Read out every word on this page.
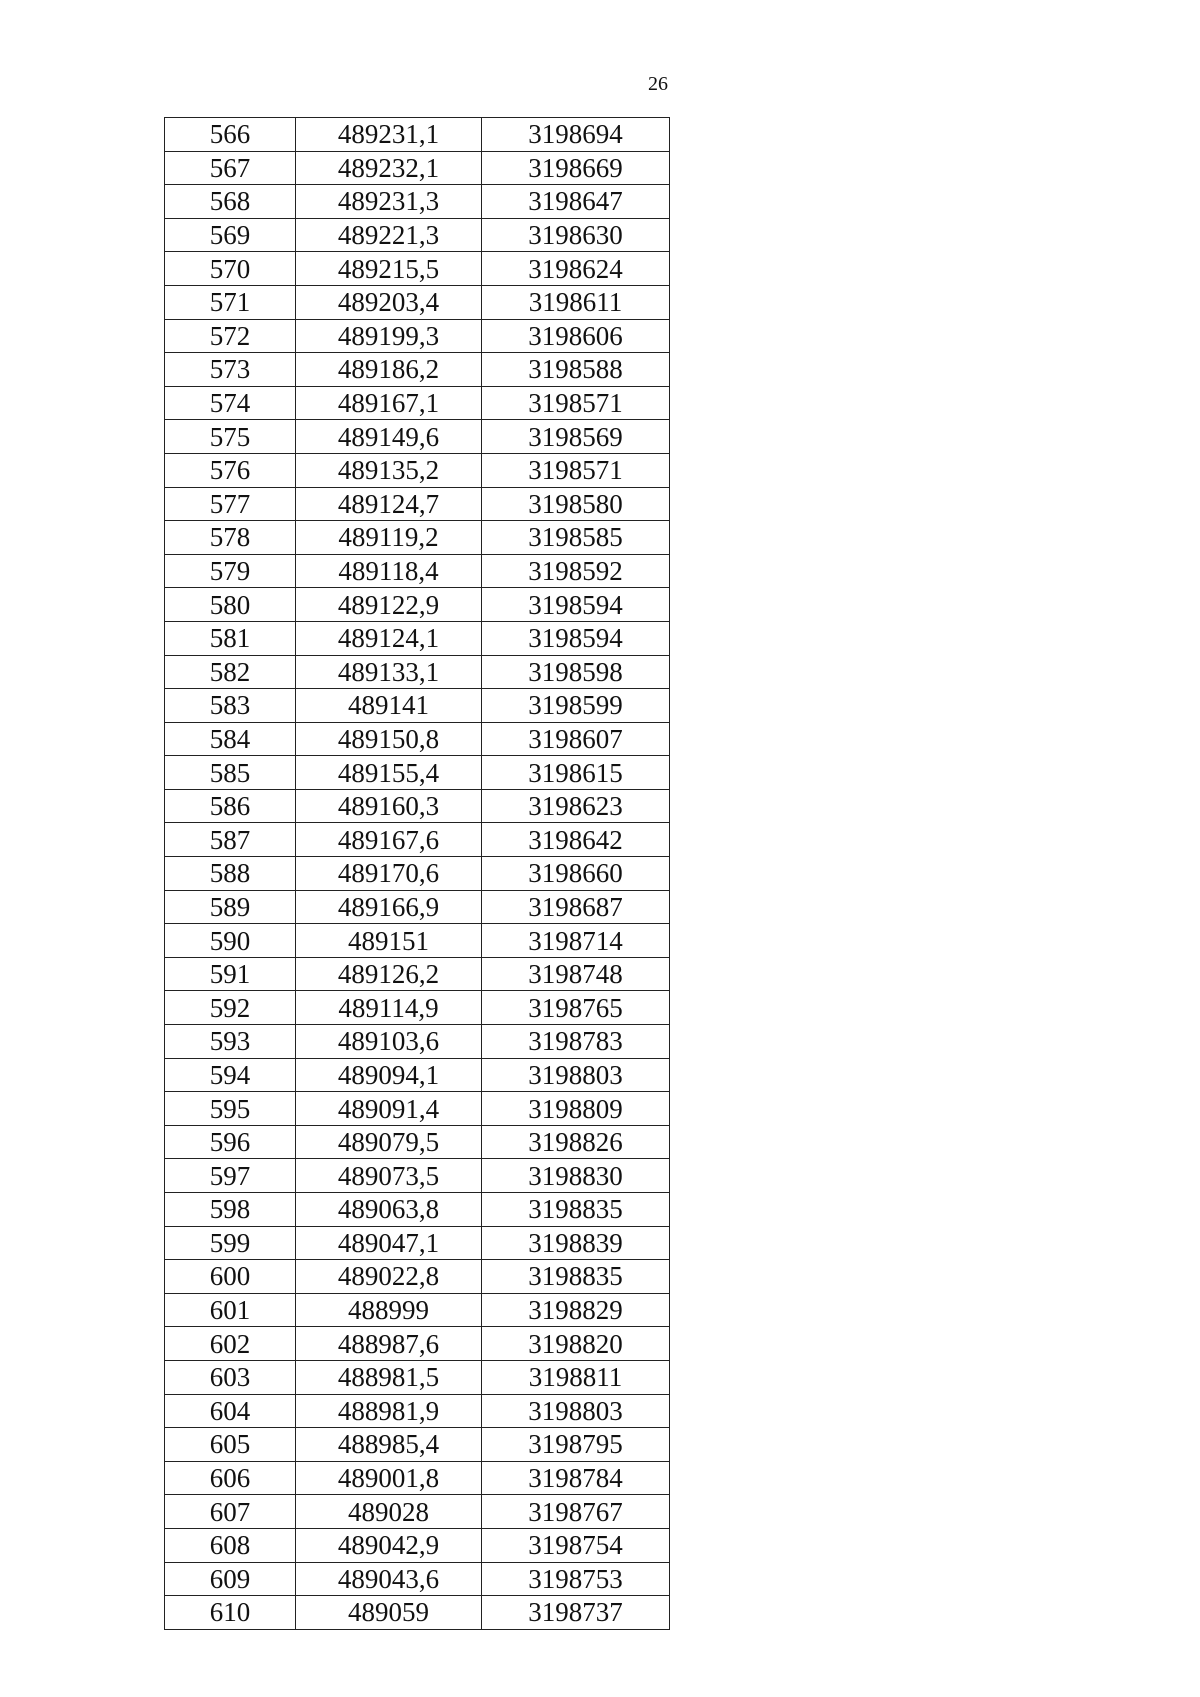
26
566	489231,1	3198694
567	489232,1	3198669
568	489231,3	3198647
569	489221,3	3198630
570	489215,5	3198624
571	489203,4	3198611
572	489199,3	3198606
573	489186,2	3198588
574	489167,1	3198571
575	489149,6	3198569
576	489135,2	3198571
577	489124,7	3198580
578	489119,2	3198585
579	489118,4	3198592
580	489122,9	3198594
581	489124,1	3198594
582	489133,1	3198598
583	489141	3198599
584	489150,8	3198607
585	489155,4	3198615
586	489160,3	3198623
587	489167,6	3198642
588	489170,6	3198660
589	489166,9	3198687
590	489151	3198714
591	489126,2	3198748
592	489114,9	3198765
593	489103,6	3198783
594	489094,1	3198803
595	489091,4	3198809
596	489079,5	3198826
597	489073,5	3198830
598	489063,8	3198835
599	489047,1	3198839
600	489022,8	3198835
601	488999	3198829
602	488987,6	3198820
603	488981,5	3198811
604	488981,9	3198803
605	488985,4	3198795
606	489001,8	3198784
607	489028	3198767
608	489042,9	3198754
609	489043,6	3198753
610	489059	3198737
